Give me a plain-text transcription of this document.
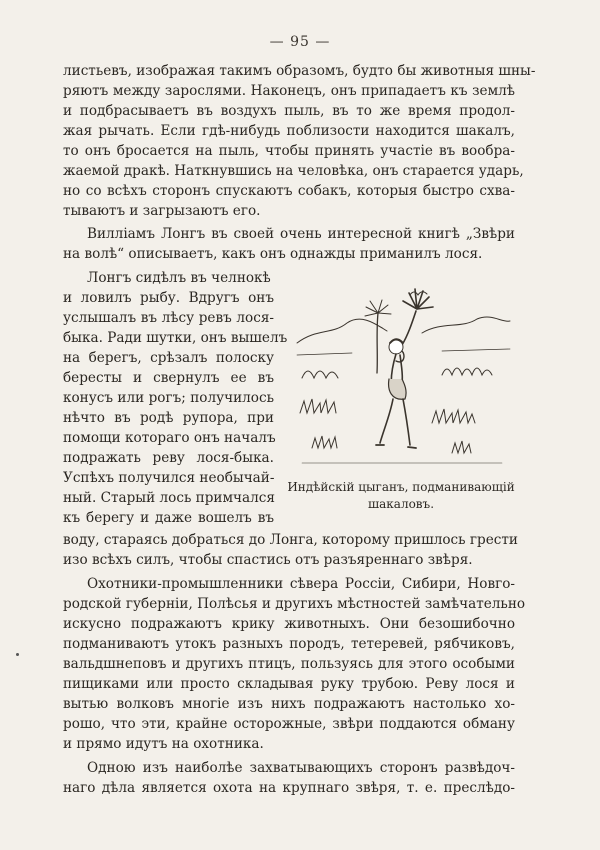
— 95 —
листьевъ, изображая такимъ образомъ, будто бы животныя шны-
ряютъ между зарослями. Наконецъ, онъ припадаетъ къ землѣ
и подбрасываетъ въ воздухъ пыль, въ то же время продол-
жая рычать. Если гдѣ-нибудь поблизости находится шакалъ,
то онъ бросается на пыль, чтобы принять участіе въ вообра-
жаемой дракѣ. Наткнувшись на человѣка, онъ старается ударь,
но со всѣхъ сторонъ спускаютъ собакъ, которыя быстро схва-
тываютъ и загрызаютъ его.
Вилліамъ Лонгъ въ своей очень интересной книгѣ „Звѣри
на волѣ“ описываетъ, какъ онъ однажды приманилъ лося.
Лонгъ сидѣлъ въ челнокѣ
и ловилъ рыбу. Вдругъ онъ
услышалъ въ лѣсу ревъ лося-
быка. Ради шутки, онъ вышелъ
на берегъ, срѣзалъ полоску
бересты и свернулъ ее въ
конусъ или рогъ; получилось
нѣчто въ родѣ рупора, при
помощи котораго онъ началъ
подражать реву лося-быка.
Успѣхъ получился необычай-
ный. Старый лось примчался
къ берегу и даже вошелъ въ
Индѣйскій цыганъ, подманивающій
шакаловъ.
воду, стараясь добраться до Лонга, которому пришлось грести
изо всѣхъ силъ, чтобы спастись отъ разъяреннаго звѣря.
Охотники-промышленники сѣвера Россіи, Сибири, Новго-
родской губерніи, Полѣсья и другихъ мѣстностей замѣчательно
искусно подражаютъ крику животныхъ. Они безошибочно
подманиваютъ утокъ разныхъ породъ, тетеревей, рябчиковъ,
вальдшнеповъ и другихъ птицъ, пользуясь для этого особыми
пищиками или просто складывая руку трубою. Реву лося и
вытью волковъ многіе изъ нихъ подражаютъ настолько хо-
рошо, что эти, крайне осторожные, звѣри поддаются обману
и прямо идутъ на охотника.
Одною изъ наиболѣе захватывающихъ сторонъ развѣдоч-
наго дѣла является охота на крупнаго звѣря, т. е. преслѣдо-
